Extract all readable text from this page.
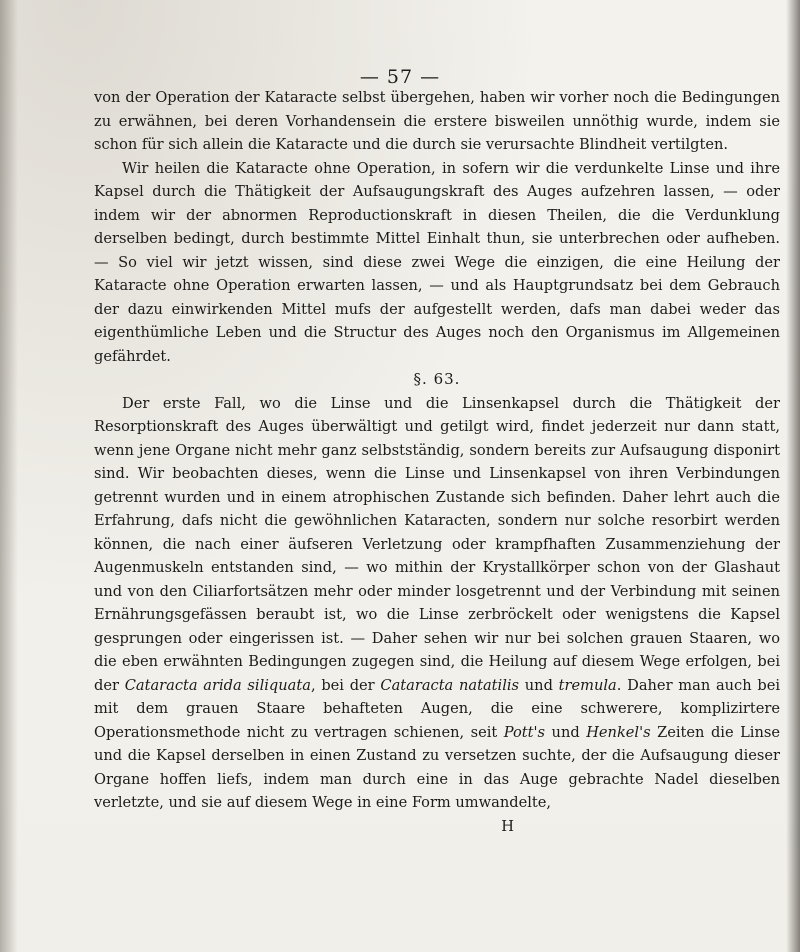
— 57 —

von der Operation der Kataracte selbst übergehen, haben wir vorher noch die Bedingungen zu erwähnen, bei deren Vorhandensein die erstere bisweilen unnöthig wurde, indem sie schon für sich allein die Kataracte und die durch sie verursachte Blindheit vertilgten.

Wir heilen die Kataracte ohne Operation, in sofern wir die verdunkelte Linse und ihre Kapsel durch die Thätigkeit der Aufsaugungskraft des Auges aufzehren lassen, — oder indem wir der abnormen Reproductionskraft in diesen Theilen, die die Verdunklung derselben bedingt, durch bestimmte Mittel Einhalt thun, sie unterbrechen oder aufheben. — So viel wir jetzt wissen, sind diese zwei Wege die einzigen, die eine Heilung der Kataracte ohne Operation erwarten lassen, — und als Hauptgrundsatz bei dem Gebrauch der dazu einwirkenden Mittel mufs der aufgestellt werden, dafs man dabei weder das eigenthümliche Leben und die Structur des Auges noch den Organismus im Allgemeinen gefährdet.

§. 63.

Der erste Fall, wo die Linse und die Linsenkapsel durch die Thätigkeit der Resorptionskraft des Auges überwältigt und getilgt wird, findet jederzeit nur dann statt, wenn jene Organe nicht mehr ganz selbstständig, sondern bereits zur Aufsaugung disponirt sind. Wir beobachten dieses, wenn die Linse und Linsenkapsel von ihren Verbindungen getrennt wurden und in einem atrophischen Zustande sich befinden. Daher lehrt auch die Erfahrung, dafs nicht die gewöhnlichen Kataracten, sondern nur solche resorbirt werden können, die nach einer äufseren Verletzung oder krampfhaften Zusammenziehung der Augenmuskeln entstanden sind, — wo mithin der Krystallkörper schon von der Glashaut und von den Ciliarfortsätzen mehr oder minder losgetrennt und der Verbindung mit seinen Ernährungsgefässen beraubt ist, wo die Linse zerbröckelt oder wenigstens die Kapsel gesprungen oder eingerissen ist. — Daher sehen wir nur bei solchen grauen Staaren, wo die eben erwähnten Bedingungen zugegen sind, die Heilung auf diesem Wege erfolgen, bei der Cataracta arida siliquata, bei der Cataracta natatilis und tremula. Daher man auch bei mit dem grauen Staare behafteten Augen, die eine schwerere, komplizirtere Operationsmethode nicht zu vertragen schienen, seit Pott's und Henkel's Zeiten die Linse und die Kapsel derselben in einen Zustand zu versetzen suchte, der die Aufsaugung dieser Organe hoffen liefs, indem man durch eine in das Auge gebrachte Nadel dieselben verletzte, und sie auf diesem Wege in eine Form umwandelte,

H
